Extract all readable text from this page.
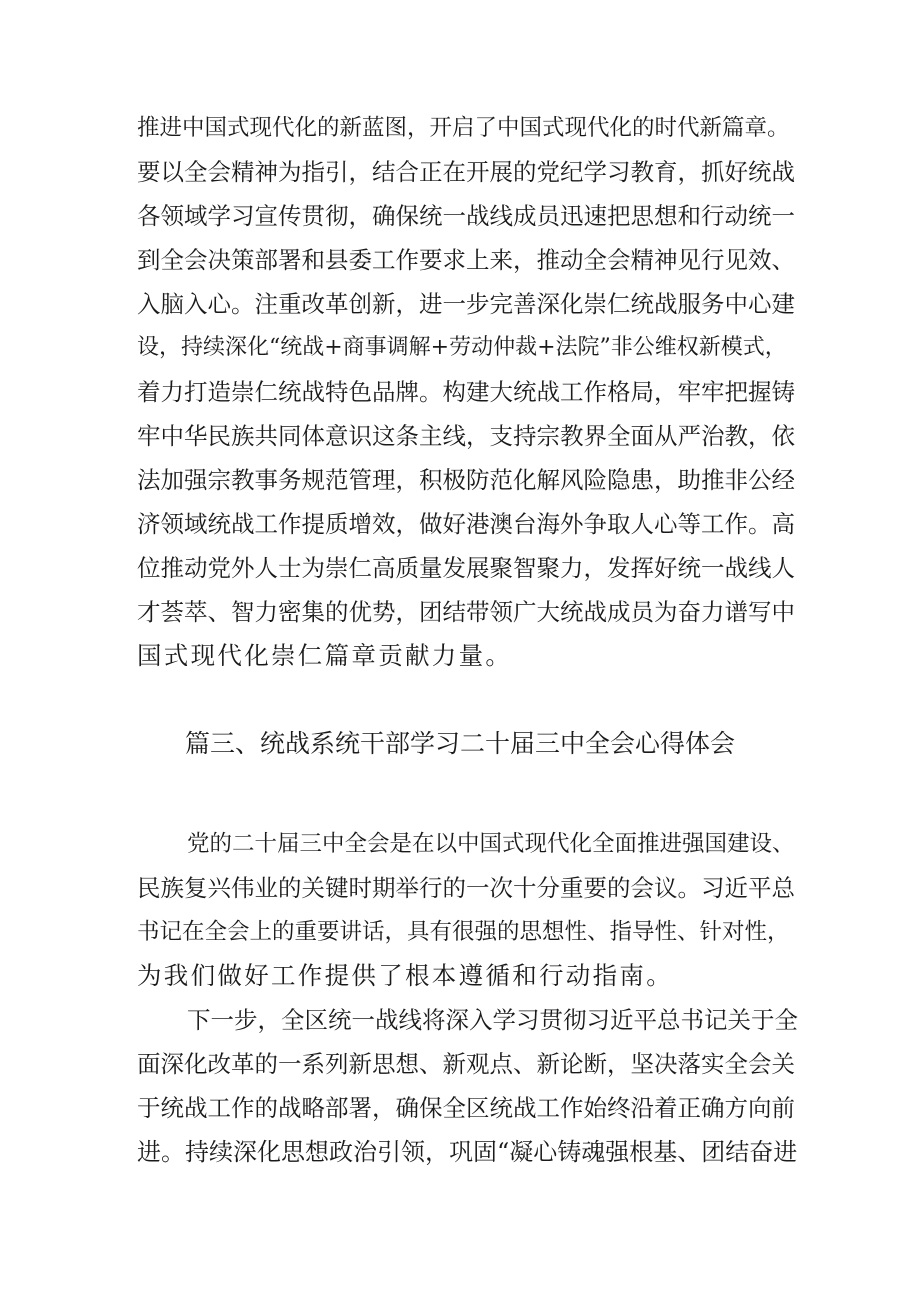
推进中国式现代化的新蓝图，开启了中国式现代化的时代新篇章。
要以全会精神为指引，结合正在开展的党纪学习教育，抓好统战
各领域学习宣传贯彻，确保统一战线成员迅速把思想和行动统一
到全会决策部署和县委工作要求上来，推动全会精神见行见效、
入脑入心。注重改革创新，进一步完善深化崇仁统战服务中心建
设，持续深化“统战+商事调解+劳动仲裁+法院”非公维权新模式，
着力打造崇仁统战特色品牌。构建大统战工作格局，牢牢把握铸
牢中华民族共同体意识这条主线，支持宗教界全面从严治教，依
法加强宗教事务规范管理，积极防范化解风险隐患，助推非公经
济领域统战工作提质增效，做好港澳台海外争取人心等工作。高
位推动党外人士为崇仁高质量发展聚智聚力，发挥好统一战线人
才荟萃、智力密集的优势，团结带领广大统战成员为奋力谱写中
国式现代化崇仁篇章贡献力量。
篇三、统战系统干部学习二十届三中全会心得体会
党的二十届三中全会是在以中国式现代化全面推进强国建设、
民族复兴伟业的关键时期举行的一次十分重要的会议。习近平总
书记在全会上的重要讲话，具有很强的思想性、指导性、针对性，
为我们做好工作提供了根本遵循和行动指南。
下一步，全区统一战线将深入学习贯彻习近平总书记关于全
面深化改革的一系列新思想、新观点、新论断，坚决落实全会关
于统战工作的战略部署，确保全区统战工作始终沿着正确方向前
进。持续深化思想政治引领，巩固“凝心铸魂强根基、团结奋进
